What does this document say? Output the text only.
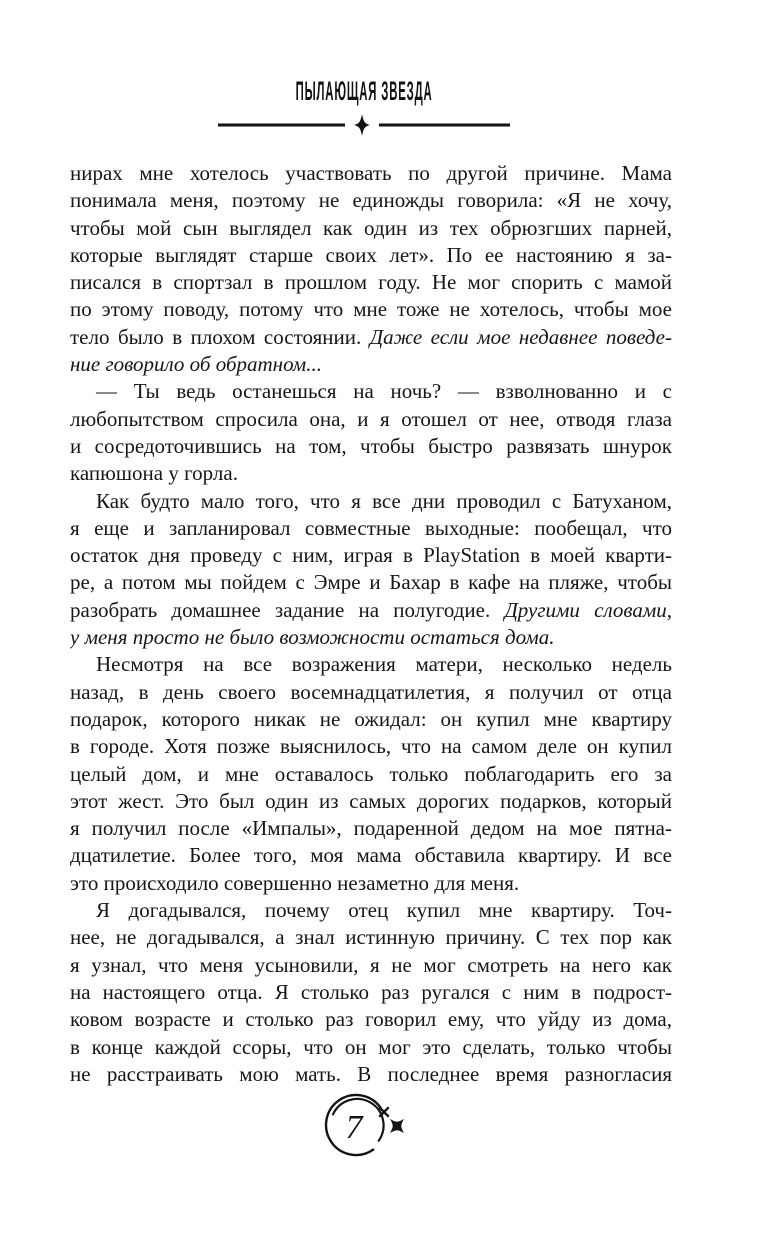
ПЫЛАЮЩАЯ ЗВЕЗДА
нирах мне хотелось участвовать по другой причине. Мама
понимала меня, поэтому не единожды говорила: «Я не хочу,
чтобы мой сын выглядел как один из тех обрюзгших парней,
которые выглядят старше своих лет». По ее настоянию я за-
писался в спортзал в прошлом году. Не мог спорить с мамой
по этому поводу, потому что мне тоже не хотелось, чтобы мое
тело было в плохом состоянии. Даже если мое недавнее поведе-
ние говорило об обратном...
— Ты ведь останешься на ночь? — взволнованно и с
любопытством спросила она, и я отошел от нее, отводя глаза
и сосредоточившись на том, чтобы быстро развязать шнурок
капюшона у горла.
Как будто мало того, что я все дни проводил с Батуханом,
я еще и запланировал совместные выходные: пообещал, что
остаток дня проведу с ним, играя в PlayStation в моей кварти-
ре, а потом мы пойдем с Эмре и Бахар в кафе на пляже, чтобы
разобрать домашнее задание на полугодие. Другими словами,
у меня просто не было возможности остаться дома.
Несмотря на все возражения матери, несколько недель
назад, в день своего восемнадцатилетия, я получил от отца
подарок, которого никак не ожидал: он купил мне квартиру
в городе. Хотя позже выяснилось, что на самом деле он купил
целый дом, и мне оставалось только поблагодарить его за
этот жест. Это был один из самых дорогих подарков, который
я получил после «Импалы», подаренной дедом на мое пятна-
дцатилетие. Более того, моя мама обставила квартиру. И все
это происходило совершенно незаметно для меня.
Я догадывался, почему отец купил мне квартиру. Точ-
нее, не догадывался, а знал истинную причину. С тех пор как
я узнал, что меня усыновили, я не мог смотреть на него как
на настоящего отца. Я столько раз ругался с ним в подрост-
ковом возрасте и столько раз говорил ему, что уйду из дома,
в конце каждой ссоры, что он мог это сделать, только чтобы
не расстраивать мою мать. В последнее время разногласия
7
